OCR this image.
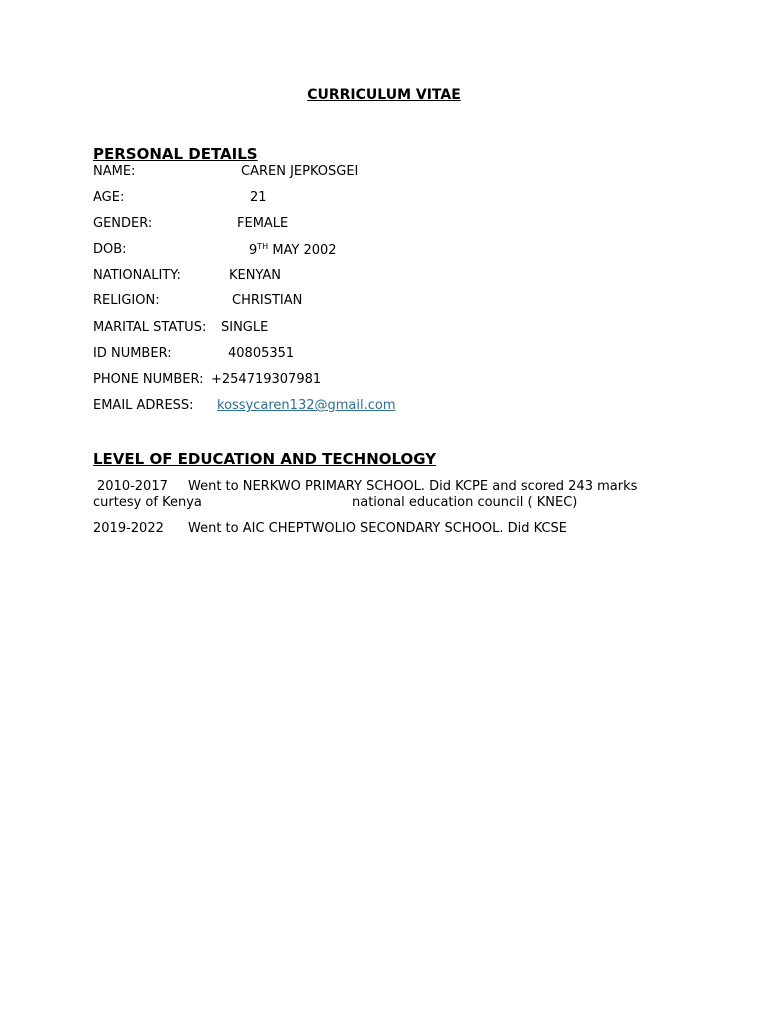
CURRICULUM VITAE
PERSONAL DETAILS
NAME:	CAREN JEPKOSGEI
AGE:	21
GENDER:	FEMALE
DOB:	9TH MAY 2002
NATIONALITY:	KENYAN
RELIGION:	CHRISTIAN
MARITAL STATUS: SINGLE
ID NUMBER:	40805351
PHONE NUMBER: +254719307981
EMAIL ADRESS: kossycaren132@gmail.com
LEVEL OF EDUCATION AND TECHNOLOGY
2010-2017 Went to NERKWO PRIMARY SCHOOL. Did KCPE and scored 243 marks
curtesy of Kenya	national education council ( KNEC)
2019-2022 Went to AIC CHEPTWOLIO SECONDARY SCHOOL. Did KCSE
